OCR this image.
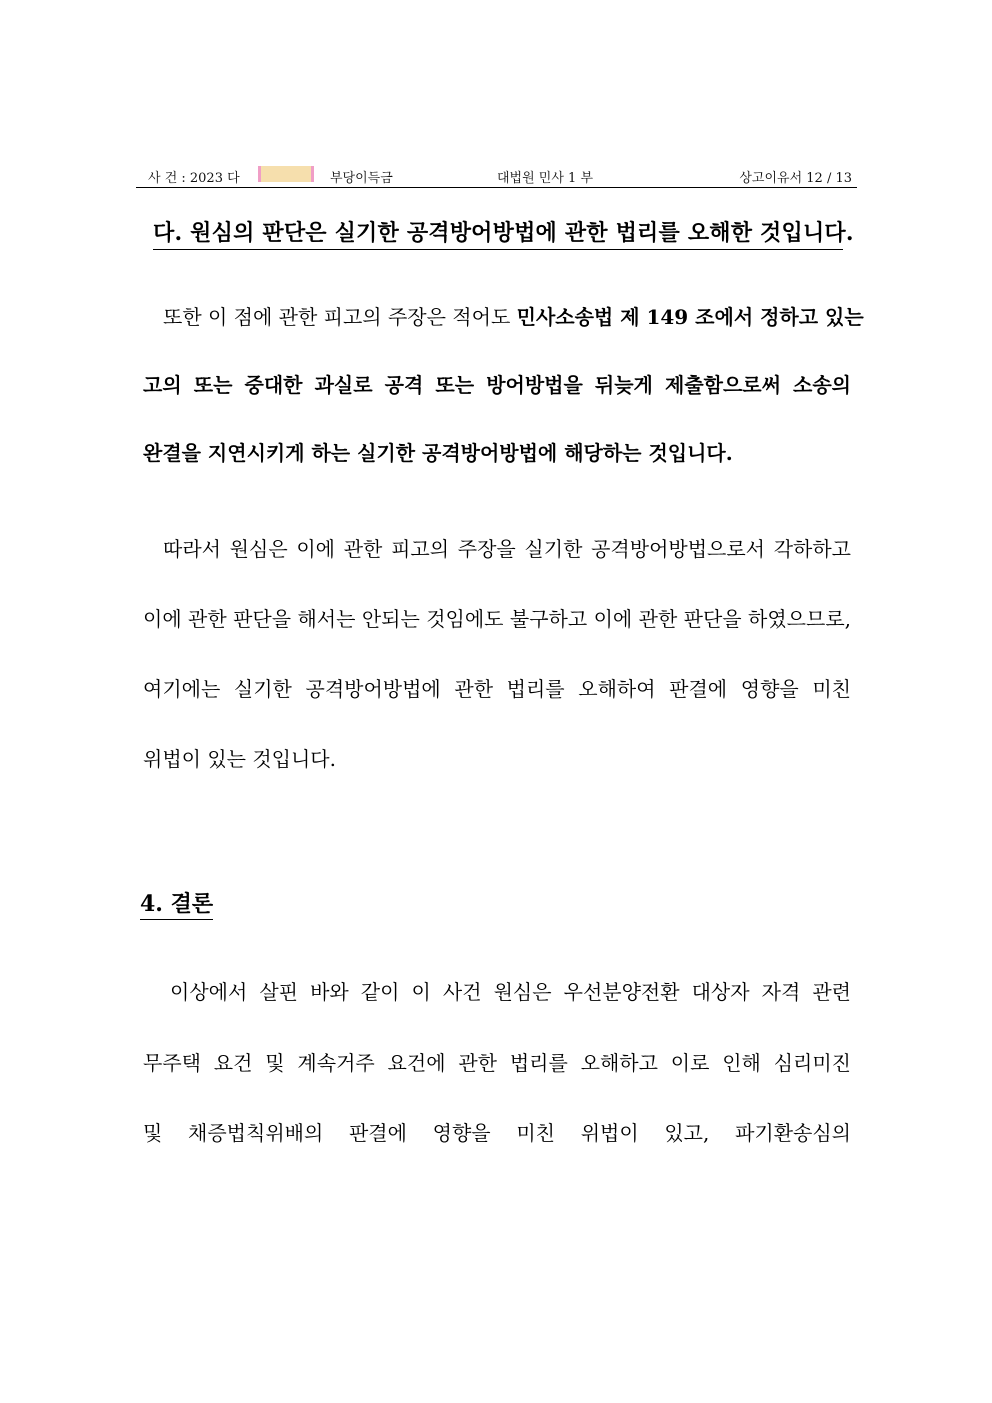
사 건 : 2023 다	부당이득금	대법원 민사 1 부	상고이유서 12 / 13
다. 원심의 판단은 실기한 공격방어방법에 관한 법리를 오해한 것입니다.
또한 이 점에 관한 피고의 주장은 적어도 민사소송법 제 149 조에서 정하고 있는
고의 또는 중대한 과실로 공격 또는 방어방법을 뒤늦게 제출함으로써 소송의
완결을 지연시키게 하는 실기한 공격방어방법에 해당하는 것입니다.
따라서 원심은 이에 관한 피고의 주장을 실기한 공격방어방법으로서 각하하고
이에 관한 판단을 해서는 안되는 것임에도 불구하고 이에 관한 판단을 하였으므로,
여기에는 실기한 공격방어방법에 관한 법리를 오해하여 판결에 영향을 미친
위법이 있는 것입니다.
4. 결론
이상에서 살핀 바와 같이 이 사건 원심은 우선분양전환 대상자 자격 관련
무주택 요건 및 계속거주 요건에 관한 법리를 오해하고 이로 인해 심리미진
및 채증법칙위배의 판결에 영향을 미친 위법이 있고, 파기환송심의
